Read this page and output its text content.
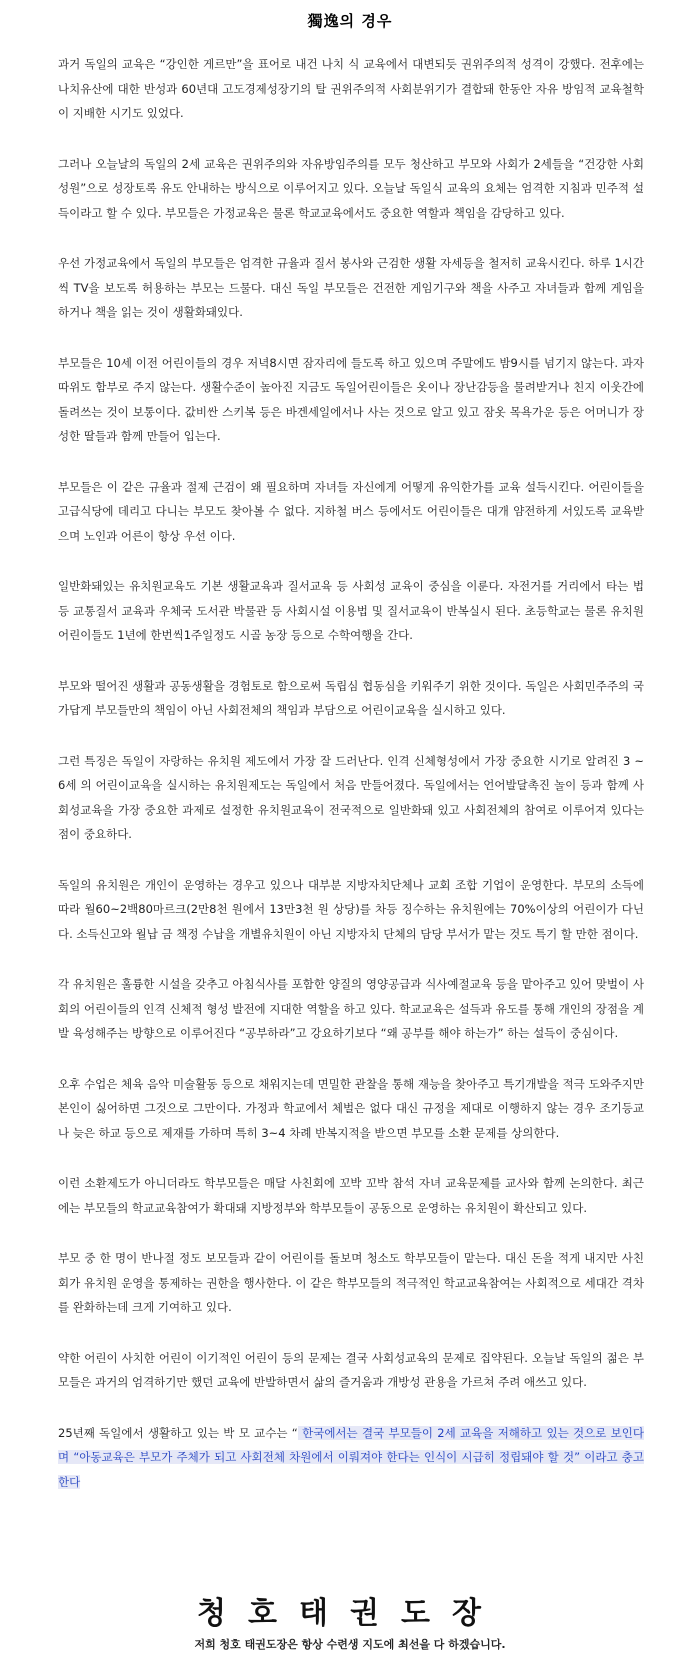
獨逸의 경우

과거 독일의 교육은 “강인한 게르만”을 표어로 내건 나치 식 교육에서 대변되듯 권위주의적 성격이 강했다. 전후에는 나치유산에 대한 반성과 60년대 고도경제성장기의 탈 권위주의적 사회분위기가 결합돼 한동안 자유 방임적 교육철학이 지배한 시기도 있었다.

그러나 오늘날의 독일의 2세 교육은 권위주의와 자유방임주의를 모두 청산하고 부모와 사회가 2세들을 “건강한 사회성원”으로 성장토록 유도 안내하는 방식으로 이루어지고 있다. 오늘날 독일식 교육의 요체는 엄격한 지침과 민주적 설득이라고 할 수 있다. 부모들은 가정교육은 물론 학교교육에서도 중요한 역할과 책임을 감당하고 있다.

우선 가정교육에서 독일의 부모들은 엄격한 규율과 질서 봉사와 근검한 생활 자세등을 철저히 교육시킨다. 하루 1시간씩 TV을 보도록 허용하는 부모는 드물다. 대신 독일 부모들은 건전한 게임기구와 책을 사주고 자녀들과 함께 게임을 하거나 책을 읽는 것이 생활화돼있다.

부모들은 10세 이전 어린이들의 경우 저녁8시면 잠자리에 들도록 하고 있으며 주말에도 밤9시를 넘기지 않는다. 과자 따위도 함부로 주지 않는다. 생활수준이 높아진 지금도 독일어린이들은 옷이나 장난감등을 물려받거나 친지 이웃간에 돌려쓰는 것이 보통이다. 값비싼 스키복 등은 바겐세일에서나 사는 것으로 알고 있고 잠옷 목욕가운 등은 어머니가 장성한 딸들과 함께 만들어 입는다.

부모들은 이 같은 규율과 절제 근검이 왜 필요하며 자녀들 자신에게 어떻게 유익한가를 교육 설득시킨다. 어린이들을 고급식당에 데리고 다니는 부모도 찾아볼 수 없다. 지하철 버스 등에서도 어린이들은 대개 얌전하게 서있도록 교육받으며 노인과 어른이 항상 우선 이다.

일반화돼있는 유치원교육도 기본 생활교육과 질서교육 등 사회성 교육이 중심을 이룬다. 자전거를 거리에서 타는 법 등 교통질서 교육과 우체국 도서관 박물관 등 사회시설 이용법 및 질서교육이 반복실시 된다. 초등학교는 물론 유치원어린이들도 1년에 한번씩1주일정도 시골 농장 등으로 수학여행을 간다.

부모와 떨어진 생활과 공동생활을 경험토로 함으로써 독립심 협동심을 키워주기 위한 것이다. 독일은 사회민주주의 국가답게 부모들만의 책임이 아닌 사회전체의 책임과 부담으로 어린이교육을 실시하고 있다.

그런 특징은 독일이 자랑하는 유치원 제도에서 가장 잘 드러난다. 인격 신체형성에서 가장 중요한 시기로 알려진 3 ~ 6세 의 어린이교육을 실시하는 유치원제도는 독일에서 처음 만들어졌다. 독일에서는 언어발달촉진 놀이 등과 함께 사회성교육을 가장 중요한 과제로 설정한 유치원교육이 전국적으로 일반화돼 있고 사회전체의 참여로 이루어져 있다는 점이 중요하다.

독일의 유치원은 개인이 운영하는 경우고 있으나 대부분 지방자치단체나 교회 조합 기업이 운영한다. 부모의 소득에 따라 월60~2백80마르크(2만8천 원에서 13만3천 원 상당)를 차등 징수하는 유치원에는 70%이상의 어린이가 다닌다. 소득신고와 월납 금 책정 수납을 개별유치원이 아닌 지방자치 단체의 담당 부서가 맡는 것도 특기 할 만한 점이다.

각 유치원은 훌륭한 시설을 갖추고 아침식사를 포함한 양질의 영양공급과 식사예절교육 등을 맡아주고 있어 맞벌이 사회의 어린이들의 인격 신체적 형성 발전에 지대한 역할을 하고 있다. 학교교육은 설득과 유도를 통해 개인의 장점을 계발 육성해주는 방향으로 이루어진다 “공부하라”고 강요하기보다 “왜 공부를 해야 하는가” 하는 설득이 중심이다.

오후 수업은 체육 음악 미술활동 등으로 채워지는데 면밀한 관찰을 통해 재능을 찾아주고 특기개발을 적극 도와주지만 본인이 싫어하면 그것으로 그만이다. 가정과 학교에서 체벌은 없다 대신 규정을 제대로 이행하지 않는 경우 조기등교나 늦은 하교 등으로 제재를 가하며 특히 3~4 차례 반복지적을 받으면 부모를 소환 문제를 상의한다.

이런 소환제도가 아니더라도 학부모들은 매달 사친회에 꼬박 꼬박 참석 자녀 교육문제를 교사와 함께 논의한다. 최근에는 부모들의 학교교육참여가 확대돼 지방정부와 학부모들이 공동으로 운영하는 유치원이 확산되고 있다.

부모 중 한 명이 반나절 정도 보모들과 같이 어린이를 돌보며 청소도 학부모들이 맡는다. 대신 돈을 적게 내지만 사친회가 유치원 운영을 통제하는 권한을 행사한다. 이 같은 학부모들의 적극적인 학교교육참여는 사회적으로 세대간 격차를 완화하는데 크게 기여하고 있다.

약한 어린이 사치한 어린이 이기적인 어린이 등의 문제는 결국 사회성교육의 문제로 집약된다. 오늘날 독일의 젊은 부모들은 과거의 엄격하기만 했던 교육에 반발하면서 삶의 즐거움과 개방성 관용을 가르쳐 주려 애쓰고 있다.

25년째 독일에서 생활하고 있는 박 모 교수는 “ 한국에서는 결국 부모들이 2세 교육을 저해하고 있는 것으로 보인다며 “아동교육은 부모가 주체가 되고 사회전체 차원에서 이뤄져야 한다는 인식이 시급히 정립돼야 할 것” 이라고 충고한다

청호태권도장
저희 청호 태권도장은 항상 수련생 지도에 최선을 다 하겠습니다.
